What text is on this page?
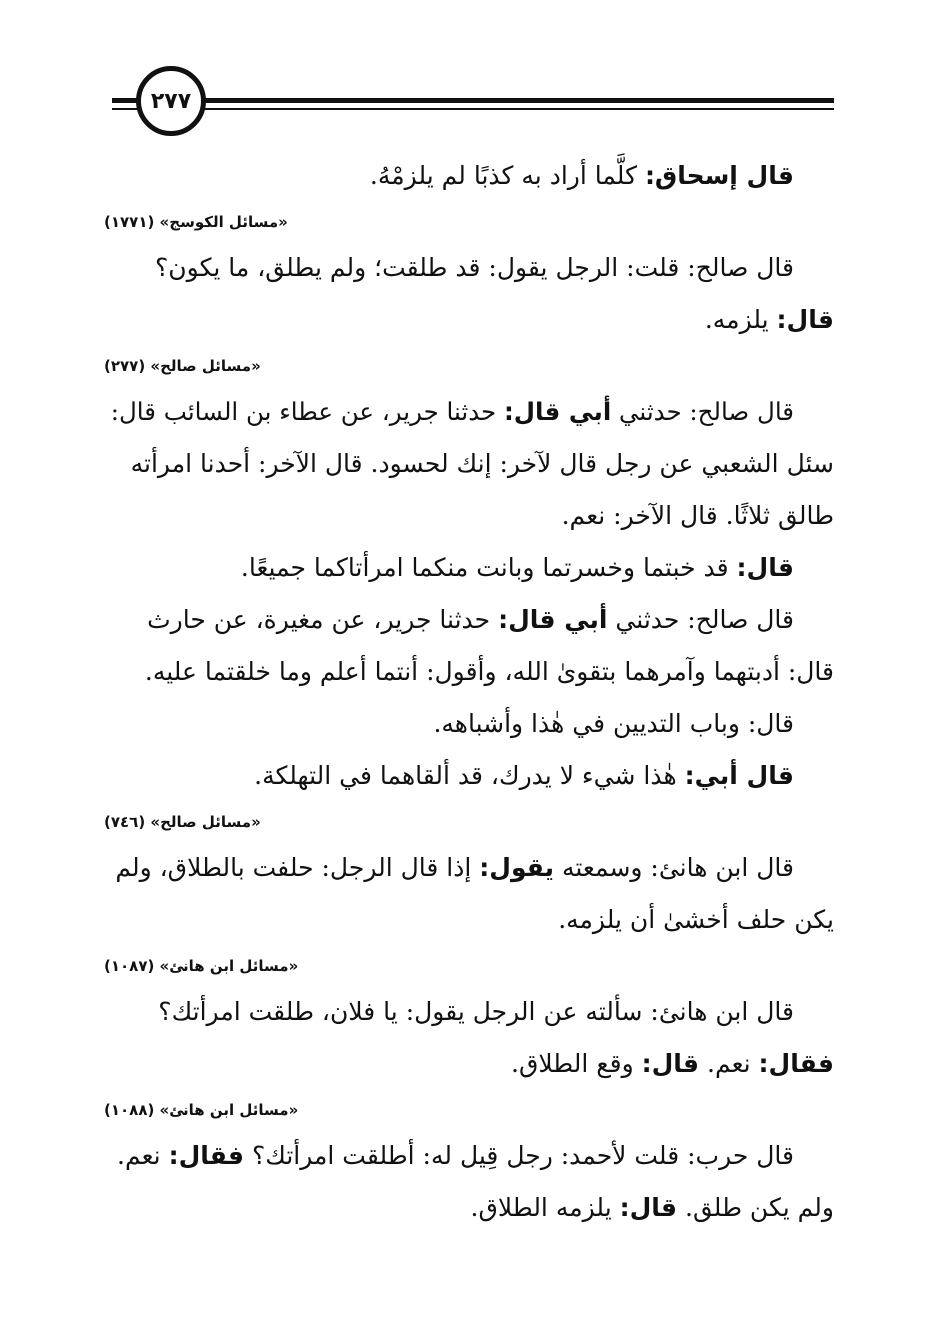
٢٧٧
قال إسحاق: كلَّما أراد به كذبًا لم يلزمْهُ.
«مسائل الكوسج» (١٧٧١)
قال صالح: قلت: الرجل يقول: قد طلقت؛ ولم يطلق، ما يكون؟
قال: يلزمه.
«مسائل صالح» (٢٧٧)
قال صالح: حدثني أبي قال: حدثنا جرير، عن عطاء بن السائب قال:
سئل الشعبي عن رجل قال لآخر: إنك لحسود. قال الآخر: أحدنا امرأته
طالق ثلاثًا. قال الآخر: نعم.
قال: قد خبتما وخسرتما وبانت منكما امرأتاكما جميعًا.
قال صالح: حدثني أبي قال: حدثنا جرير، عن مغيرة، عن حارث
قال: أدبتهما وآمرهما بتقوىٰ الله، وأقول: أنتما أعلم وما خلقتما عليه.
قال: وباب التديين في هٰذا وأشباهه.
قال أبي: هٰذا شيء لا يدرك، قد ألقاهما في التهلكة.
«مسائل صالح» (٧٤٦)
قال ابن هانئ: وسمعته يقول: إذا قال الرجل: حلفت بالطلاق، ولم
يكن حلف أخشىٰ أن يلزمه.
«مسائل ابن هانئ» (١٠٨٧)
قال ابن هانئ: سألته عن الرجل يقول: يا فلان، طلقت امرأتك؟
فقال: نعم. قال: وقع الطلاق.
«مسائل ابن هانئ» (١٠٨٨)
قال حرب: قلت لأحمد: رجل قِيل له: أطلقت امرأتك؟ فقال: نعم.
ولم يكن طلق. قال: يلزمه الطلاق.
